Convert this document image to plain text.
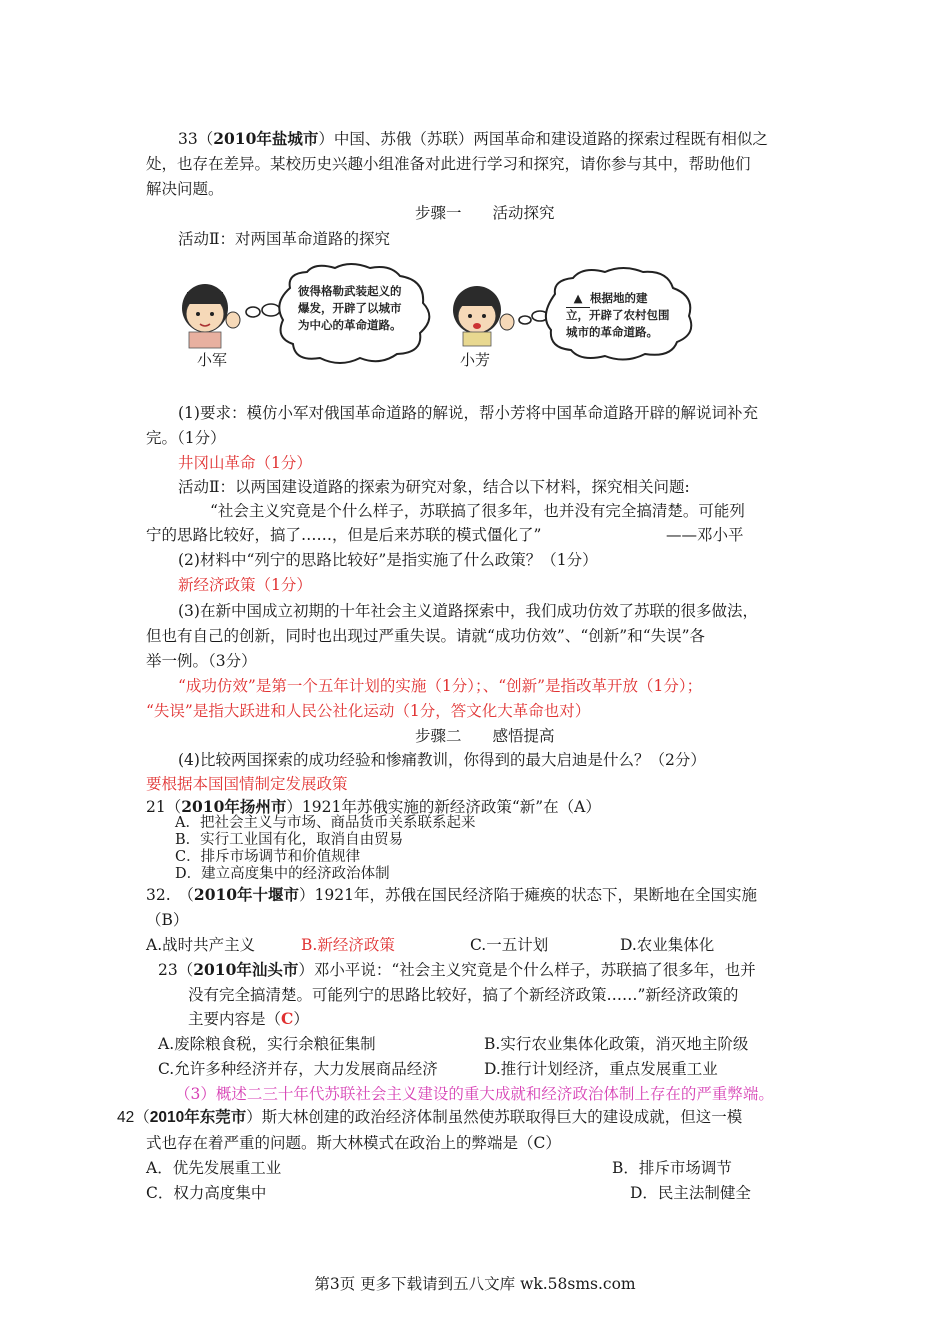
33（2010年盐城市）中国、苏俄（苏联）两国革命和建设道路的探索过程既有相似之
处，也存在差异。某校历史兴趣小组准备对此进行学习和探究，请你参与其中，帮助他们
解决问题。
步骤一　　活动探究
活动Ⅱ：对两国革命道路的探究
彼得格勒武装起义的
爆发，开辟了以城市
为中心的革命道路。
小军
▲ 根据地的建
立，开辟了农村包围
城市的革命道路。
小芳
(1)要求：模仿小军对俄国革命道路的解说，帮小芳将中国革命道路开辟的解说词补充
完。（1分）
井冈山革命（1分）
活动Ⅱ：以两国建设道路的探索为研究对象，结合以下材料，探究相关问题:
“社会主义究竟是个什么样子，苏联搞了很多年，也并没有完全搞清楚。可能列
宁的思路比较好，搞了……，但是后来苏联的模式僵化了”	——邓小平
(2)材料中“列宁的思路比较好”是指实施了什么政策？（1分）
新经济政策（1分）
(3)在新中国成立初期的十年社会主义道路探索中，我们成功仿效了苏联的很多做法，
但也有自己的创新，同时也出现过严重失误。请就“成功仿效”、“创新”和“失误”各
举一例。（3分）
“成功仿效”是第一个五年计划的实施（1分）；、“创新”是指改革开放（1分）；
“失误”是指大跃进和人民公社化运动（1分，答文化大革命也对）
步骤二　　感悟提高
(4)比较两国探索的成功经验和惨痛教训，你得到的最大启迪是什么？（2分）
要根据本国国情制定发展政策
21（2010年扬州市）1921年苏俄实施的新经济政策“新”在（A）
A．把社会主义与市场、商品货币关系联系起来
B．实行工业国有化，取消自由贸易
C．排斥市场调节和价值规律
D．建立高度集中的经济政治体制
32.　（2010年十堰市）1921年，苏俄在国民经济陷于瘫痪的状态下，果断地在全国实施
（B）
A.战时共产主义	B.新经济政策	C.一五计划	D.农业集体化
23（2010年汕头市）邓小平说：“社会主义究竟是个什么样子，苏联搞了很多年，也并
没有完全搞清楚。可能列宁的思路比较好，搞了个新经济政策……”新经济政策的
主要内容是（C）
A.废除粮食税，实行余粮征集制	B.实行农业集体化政策，消灭地主阶级
C.允许多种经济并存，大力发展商品经济	D.推行计划经济，重点发展重工业
（3）概述二三十年代苏联社会主义建设的重大成就和经济政治体制上存在的严重弊端。
42（2010年东莞市）斯大林创建的政治经济体制虽然使苏联取得巨大的建设成就，但这一模
式也存在着严重的问题。斯大林模式在政治上的弊端是（C）
A．优先发展重工业	B．排斥市场调节
C．权力高度集中	D．民主法制健全
第3页 更多下载请到五八文库 wk.58sms.com
